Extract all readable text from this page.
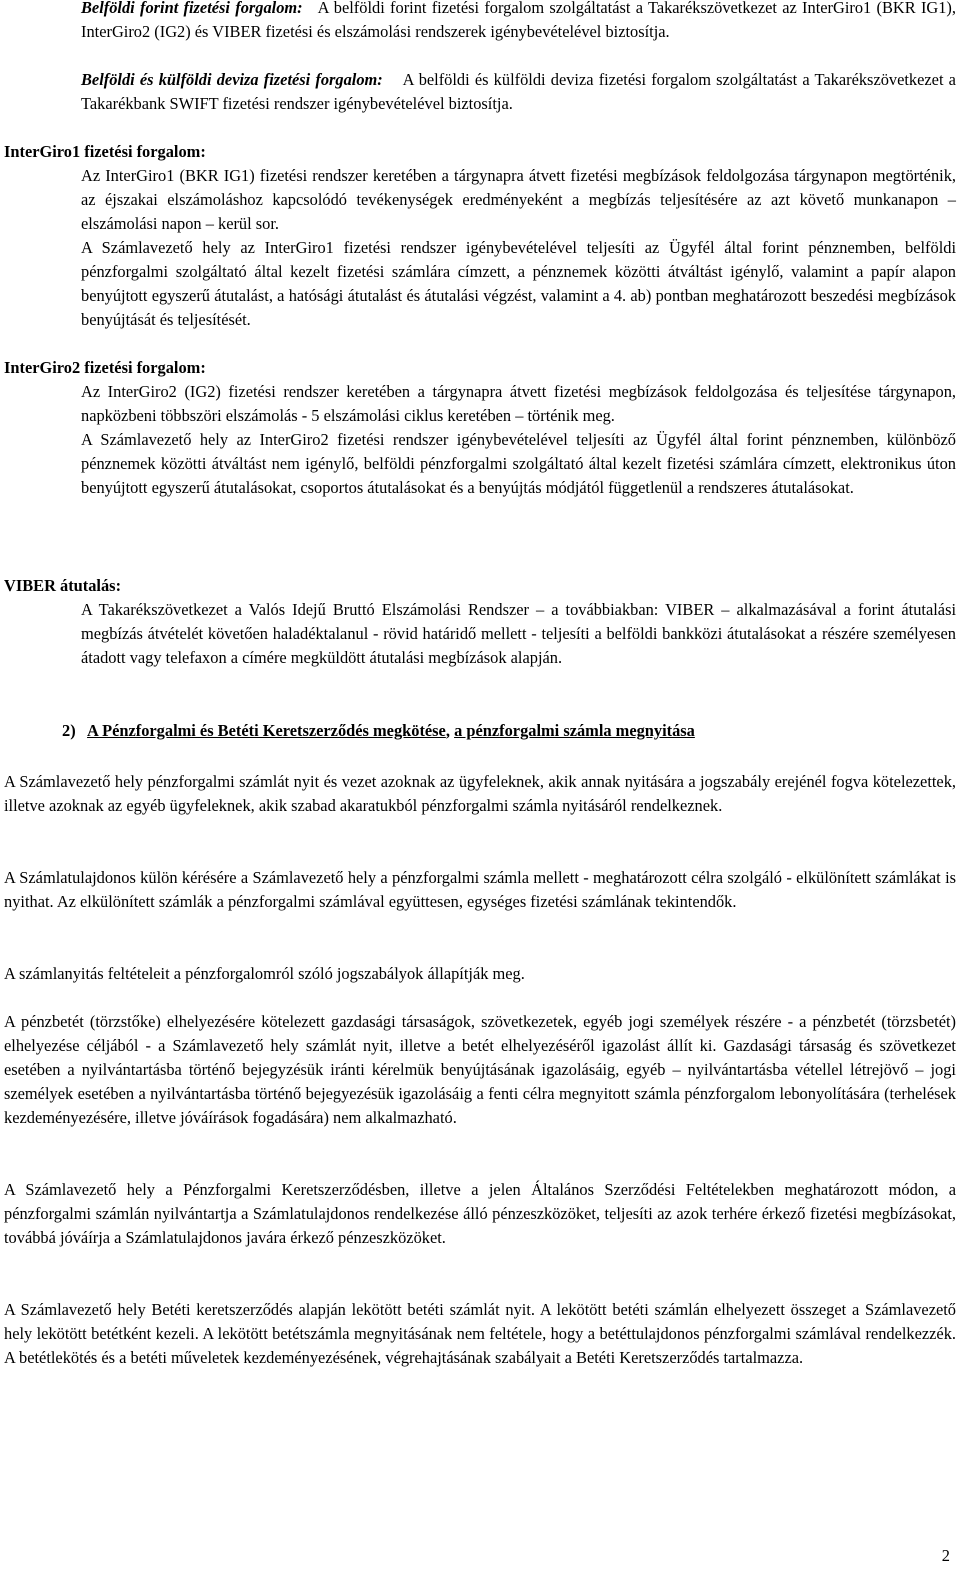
Belföldi forint fizetési forgalom: A belföldi forint fizetési forgalom szolgáltatást a Takarékszövetkezet az InterGiro1 (BKR IG1), InterGiro2 (IG2) és VIBER fizetési és elszámolási rendszerek igénybevételével biztosítja.

Belföldi és külföldi deviza fizetési forgalom: A belföldi és külföldi deviza fizetési forgalom szolgáltatást a Takarékszövetkezet a Takarékbank SWIFT fizetési rendszer igénybevételével biztosítja.

InterGiro1 fizetési forgalom:

Az InterGiro1 (BKR IG1) fizetési rendszer keretében a tárgynapra átvett fizetési megbízások feldolgozása tárgynapon megtörténik, az éjszakai elszámoláshoz kapcsolódó tevékenységek eredményeként a megbízás teljesítésére az azt követő munkanapon – elszámolási napon – kerül sor.

A Számlavezető hely az InterGiro1 fizetési rendszer igénybevételével teljesíti az Ügyfél által forint pénznemben, belföldi pénzforgalmi szolgáltató által kezelt fizetési számlára címzett, a pénznemek közötti átváltást igénylő, valamint a papír alapon benyújtott egyszerű átutalást, a hatósági átutalást és átutalási végzést, valamint a 4. ab) pontban meghatározott beszedési megbízások benyújtását és teljesítését.

InterGiro2 fizetési forgalom:

Az InterGiro2 (IG2) fizetési rendszer keretében a tárgynapra átvett fizetési megbízások feldolgozása és teljesítése tárgynapon, napközbeni többszöri elszámolás - 5 elszámolási ciklus keretében – történik meg.

A Számlavezető hely az InterGiro2 fizetési rendszer igénybevételével teljesíti az Ügyfél által forint pénznemben, különböző pénznemek közötti átváltást nem igénylő, belföldi pénzforgalmi szolgáltató által kezelt fizetési számlára címzett, elektronikus úton benyújtott egyszerű átutalásokat, csoportos átutalásokat és a benyújtás módjától függetlenül a rendszeres átutalásokat.

VIBER átutalás:

A Takarékszövetkezet a Valós Idejű Bruttó Elszámolási Rendszer – a továbbiakban: VIBER – alkalmazásával a forint átutalási megbízás átvételét követően haladéktalanul - rövid határidő mellett - teljesíti a belföldi bankközi átutalásokat a részére személyesen átadott vagy telefaxon a címére megküldött átutalási megbízások alapján.

2) A Pénzforgalmi és Betéti Keretszerződés megkötése, a pénzforgalmi számla megnyitása

A Számlavezető hely pénzforgalmi számlát nyit és vezet azoknak az ügyfeleknek, akik annak nyitására a jogszabály erejénél fogva kötelezettek, illetve azoknak az egyéb ügyfeleknek, akik szabad akaratukból pénzforgalmi számla nyitásáról rendelkeznek.

A Számlatulajdonos külön kérésére a Számlavezető hely a pénzforgalmi számla mellett - meghatározott célra szolgáló - elkülönített számlákat is nyithat. Az elkülönített számlák a pénzforgalmi számlával együttesen, egységes fizetési számlának tekintendők.

A számlanyitás feltételeit a pénzforgalomról szóló jogszabályok állapítják meg.

A pénzbetét (törzstőke) elhelyezésére kötelezett gazdasági társaságok, szövetkezetek, egyéb jogi személyek részére - a pénzbetét (törzsbetét) elhelyezése céljából - a Számlavezető hely számlát nyit, illetve a betét elhelyezéséről igazolást állít ki. Gazdasági társaság és szövetkezet esetében a nyilvántartásba történő bejegyzésük iránti kérelmük benyújtásának igazolásáig, egyéb – nyilvántartásba vétellel létrejövő – jogi személyek esetében a nyilvántartásba történő bejegyezésük igazolásáig a fenti célra megnyitott számla pénzforgalom lebonyolítására (terhelések kezdeményezésére, illetve jóváírások fogadására) nem alkalmazható.

A Számlavezető hely a Pénzforgalmi Keretszerződésben, illetve a jelen Általános Szerződési Feltételekben meghatározott módon, a pénzforgalmi számlán nyilvántartja a Számlatulajdonos rendelkezése álló pénzeszközöket, teljesíti az azok terhére érkező fizetési megbízásokat, továbbá jóváírja a Számlatulajdonos javára érkező pénzeszközöket.

A Számlavezető hely Betéti keretszerződés alapján lekötött betéti számlát nyit. A lekötött betéti számlán elhelyezett összeget a Számlavezető hely lekötött betétként kezeli. A lekötött betétszámla megnyitásának nem feltétele, hogy a betéttulajdonos pénzforgalmi számlával rendelkezzék. A betétlekötés és a betéti műveletek kezdeményezésének, végrehajtásának szabályait a Betéti Keretszerződés tartalmazza.

2
